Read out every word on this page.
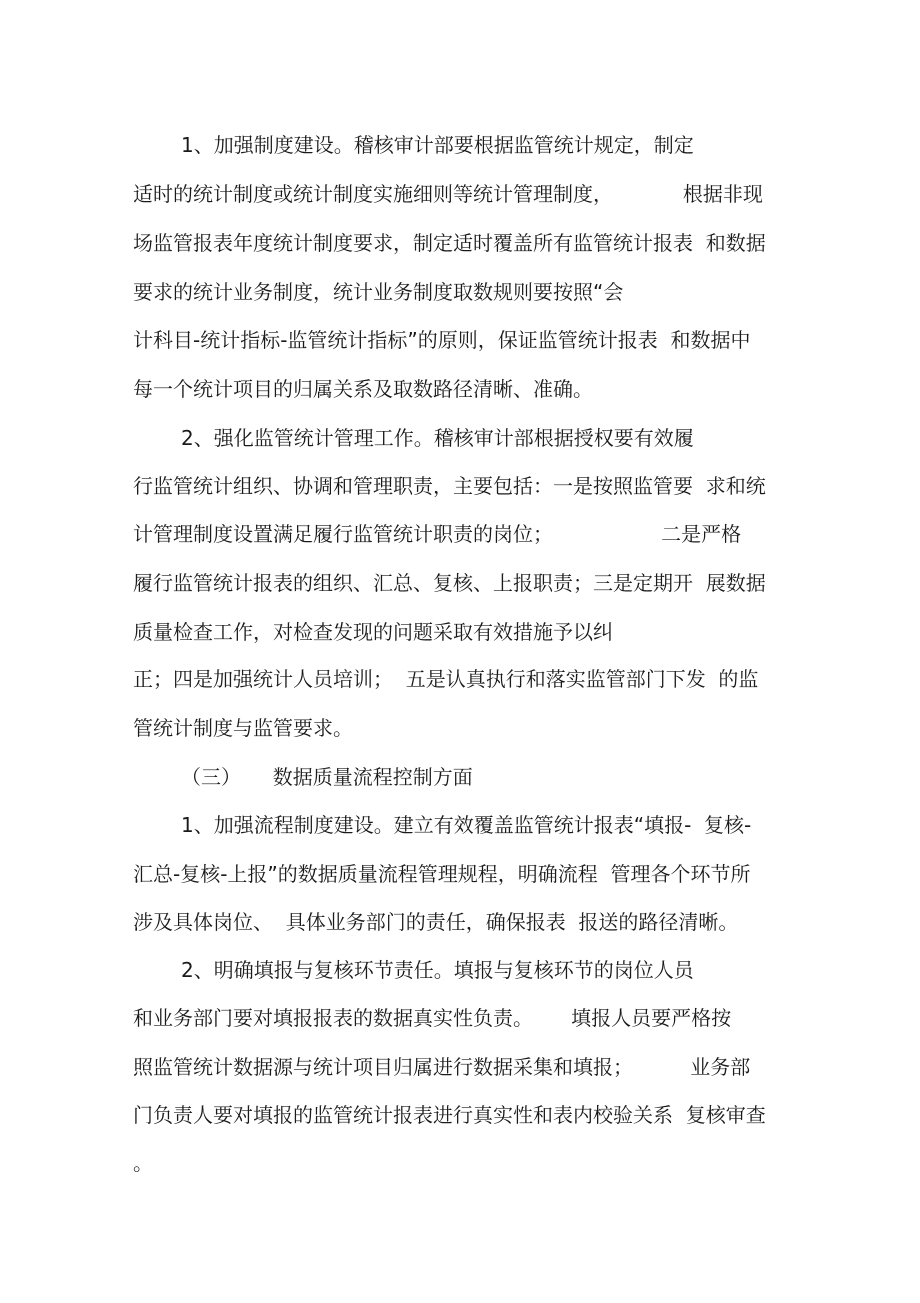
1、加强制度建设。稽核审计部要根据监管统计规定，制定
适时的统计制度或统计制度实施细则等统计管理制度，           根据非现
场监管报表年度统计制度要求，制定适时覆盖所有监管统计报表  和数据
要求的统计业务制度，统计业务制度取数规则要按照“会
计科目-统计指标-监管统计指标”的原则，保证监管统计报表  和数据中
每一个统计项目的归属关系及取数路径清晰、准确。
2、强化监管统计管理工作。稽核审计部根据授权要有效履
行监管统计组织、协调和管理职责，主要包括：一是按照监管要  求和统
计管理制度设置满足履行监管统计职责的岗位；                 二是严格
履行监管统计报表的组织、汇总、复核、上报职责；三是定期开  展数据
质量检查工作，对检查发现的问题采取有效措施予以纠
正；四是加强统计人员培训；  五是认真执行和落实监管部门下发  的监
管统计制度与监管要求。
（三）     数据质量流程控制方面
1、加强流程制度建设。建立有效覆盖监管统计报表“填报-  复核-
汇总-复核-上报”的数据质量流程管理规程，明确流程  管理各个环节所
涉及具体岗位、  具体业务部门的责任，确保报表  报送的路径清晰。
2、明确填报与复核环节责任。填报与复核环节的岗位人员
和业务部门要对填报报表的数据真实性负责。      填报人员要严格按
照监管统计数据源与统计项目归属进行数据采集和填报；         业务部
门负责人要对填报的监管统计报表进行真实性和表内校验关系  复核审查
。
